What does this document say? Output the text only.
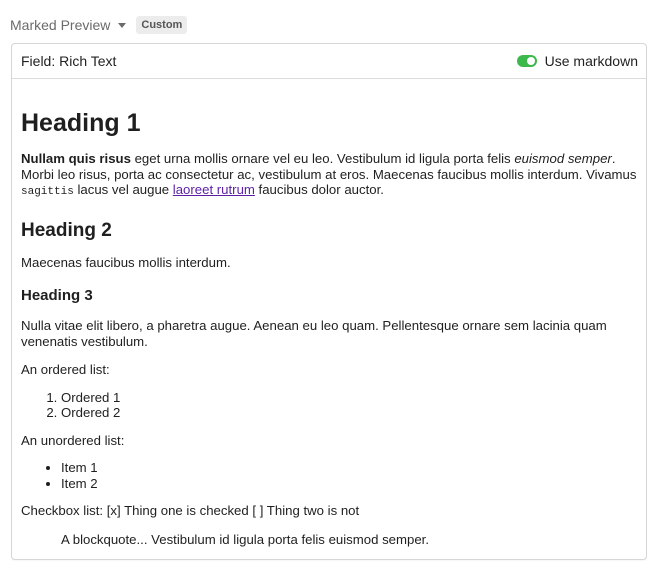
Marked Preview	Custom
Field: Rich Text	Use markdown
Heading 1

Nullam quis risus eget urna mollis ornare vel eu leo. Vestibulum id ligula porta felis euismod semper. Morbi leo risus, porta ac consectetur ac, vestibulum at eros. Maecenas faucibus mollis interdum. Vivamus sagittis lacus vel augue laoreet rutrum faucibus dolor auctor.

Heading 2

Maecenas faucibus mollis interdum.

Heading 3

Nulla vitae elit libero, a pharetra augue. Aenean eu leo quam. Pellentesque ornare sem lacinia quam venenatis vestibulum.

An ordered list:

1. Ordered 1
2. Ordered 2

An unordered list:

• Item 1
• Item 2

Checkbox list: [x] Thing one is checked [ ] Thing two is not

A blockquote... Vestibulum id ligula porta felis euismod semper.
